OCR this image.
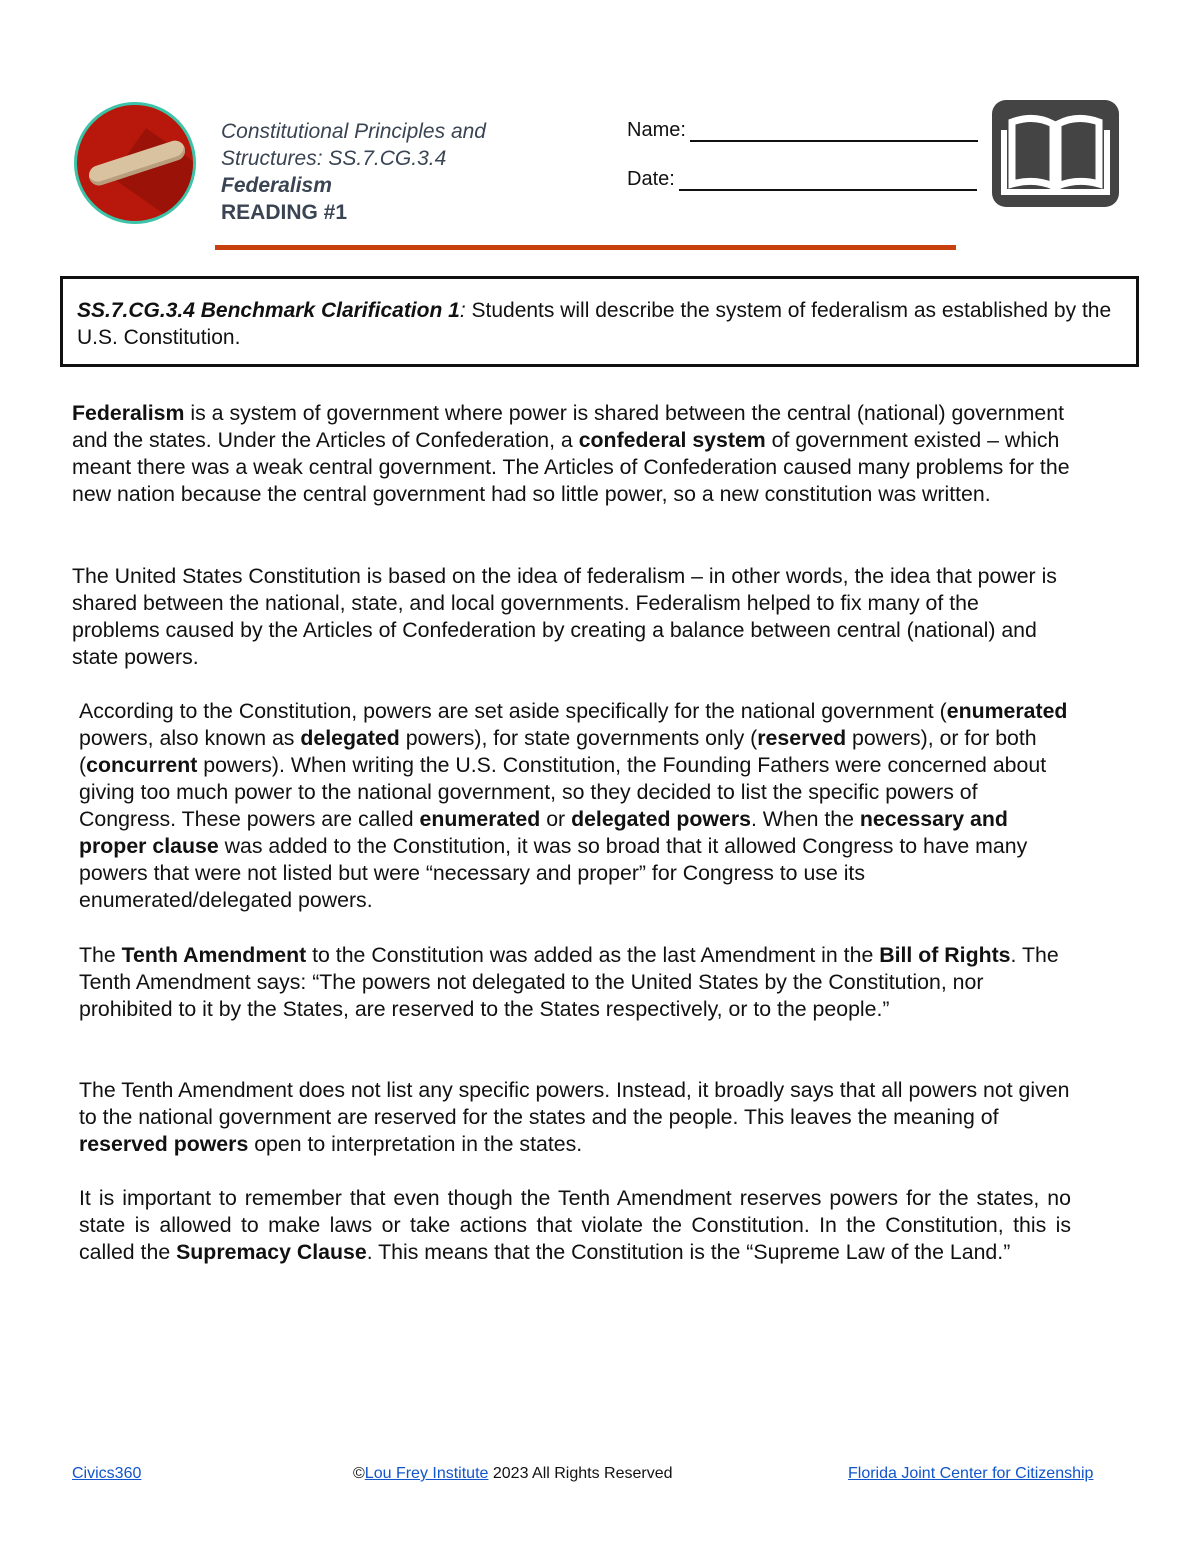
Constitutional Principles and
Structures: SS.7.CG.3.4
Federalism
READING #1
Name:
Date:

SS.7.CG.3.4 Benchmark Clarification 1: Students will describe the system of federalism as established by the U.S. Constitution.

Federalism is a system of government where power is shared between the central (national) government and the states. Under the Articles of Confederation, a confederal system of government existed – which meant there was a weak central government. The Articles of Confederation caused many problems for the new nation because the central government had so little power, so a new constitution was written.

The United States Constitution is based on the idea of federalism – in other words, the idea that power is shared between the national, state, and local governments. Federalism helped to fix many of the problems caused by the Articles of Confederation by creating a balance between central (national) and state powers.

According to the Constitution, powers are set aside specifically for the national government (enumerated powers, also known as delegated powers), for state governments only (reserved powers), or for both (concurrent powers). When writing the U.S. Constitution, the Founding Fathers were concerned about giving too much power to the national government, so they decided to list the specific powers of Congress. These powers are called enumerated or delegated powers. When the necessary and proper clause was added to the Constitution, it was so broad that it allowed Congress to have many powers that were not listed but were “necessary and proper” for Congress to use its enumerated/delegated powers.

The Tenth Amendment to the Constitution was added as the last Amendment in the Bill of Rights. The Tenth Amendment says: “The powers not delegated to the United States by the Constitution, nor prohibited to it by the States, are reserved to the States respectively, or to the people.”

The Tenth Amendment does not list any specific powers. Instead, it broadly says that all powers not given to the national government are reserved for the states and the people. This leaves the meaning of reserved powers open to interpretation in the states.

It is important to remember that even though the Tenth Amendment reserves powers for the states, no state is allowed to make laws or take actions that violate the Constitution. In the Constitution, this is called the Supremacy Clause. This means that the Constitution is the “Supreme Law of the Land.”

Civics360	©Lou Frey Institute 2023 All Rights Reserved	Florida Joint Center for Citizenship
